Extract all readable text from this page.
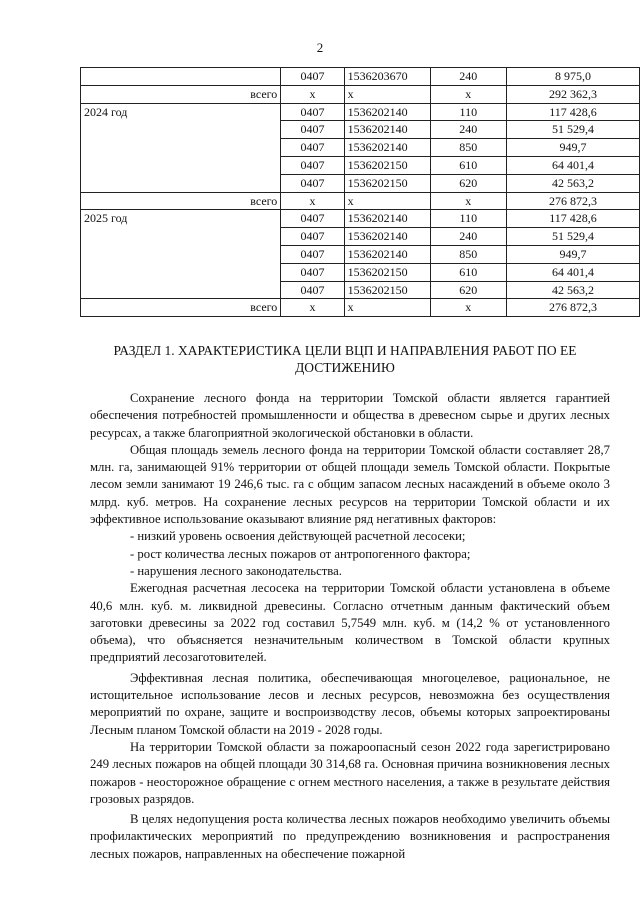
2
	0407	1536203670	240	8 975,0
всего	х	х	х	292 362,3
2024 год	0407	1536202140	110	117 428,6
	0407	1536202140	240	51 529,4
	0407	1536202140	850	949,7
	0407	1536202150	610	64 401,4
	0407	1536202150	620	42 563,2
всего	х	х	х	276 872,3
2025 год	0407	1536202140	110	117 428,6
	0407	1536202140	240	51 529,4
	0407	1536202140	850	949,7
	0407	1536202150	610	64 401,4
	0407	1536202150	620	42 563,2
всего	х	х	х	276 872,3
РАЗДЕЛ 1. ХАРАКТЕРИСТИКА ЦЕЛИ ВЦП И НАПРАВЛЕНИЯ РАБОТ ПО ЕЕ ДОСТИЖЕНИЮ

Сохранение лесного фонда на территории Томской области является гарантией обеспечения потребностей промышленности и общества в древесном сырье и других лесных ресурсах, а также благоприятной экологической обстановки в области.

Общая площадь земель лесного фонда на территории Томской области составляет 28,7 млн. га, занимающей 91% территории от общей площади земель Томской области. Покрытые лесом земли занимают 19 246,6 тыс. га с общим запасом лесных насаждений в объеме около 3 млрд. куб. метров. На сохранение лесных ресурсов на территории Томской области и их эффективное использование оказывают влияние ряд негативных факторов:

- низкий уровень освоения действующей расчетной лесосеки;

- рост количества лесных пожаров от антропогенного фактора;

- нарушения лесного законодательства.

Ежегодная расчетная лесосека на территории Томской области установлена в объеме 40,6 млн. куб. м. ликвидной древесины. Согласно отчетным данным фактический объем заготовки древесины за 2022 год составил 5,7549 млн. куб. м (14,2 % от установленного объема), что объясняется незначительным количеством в Томской области крупных предприятий лесозаготовителей.

Эффективная лесная политика, обеспечивающая многоцелевое, рациональное, не истощительное использование лесов и лесных ресурсов, невозможна без осуществления мероприятий по охране, защите и воспроизводству лесов, объемы которых запроектированы Лесным планом Томской области на 2019 - 2028 годы.

На территории Томской области за пожароопасный сезон 2022 года зарегистрировано 249 лесных пожаров на общей площади 30 314,68 га. Основная причина возникновения лесных пожаров - неосторожное обращение с огнем местного населения, а также в результате действия грозовых разрядов.

В целях недопущения роста количества лесных пожаров необходимо увеличить объемы профилактических мероприятий по предупреждению возникновения и распространения лесных пожаров, направленных на обеспечение пожарной
